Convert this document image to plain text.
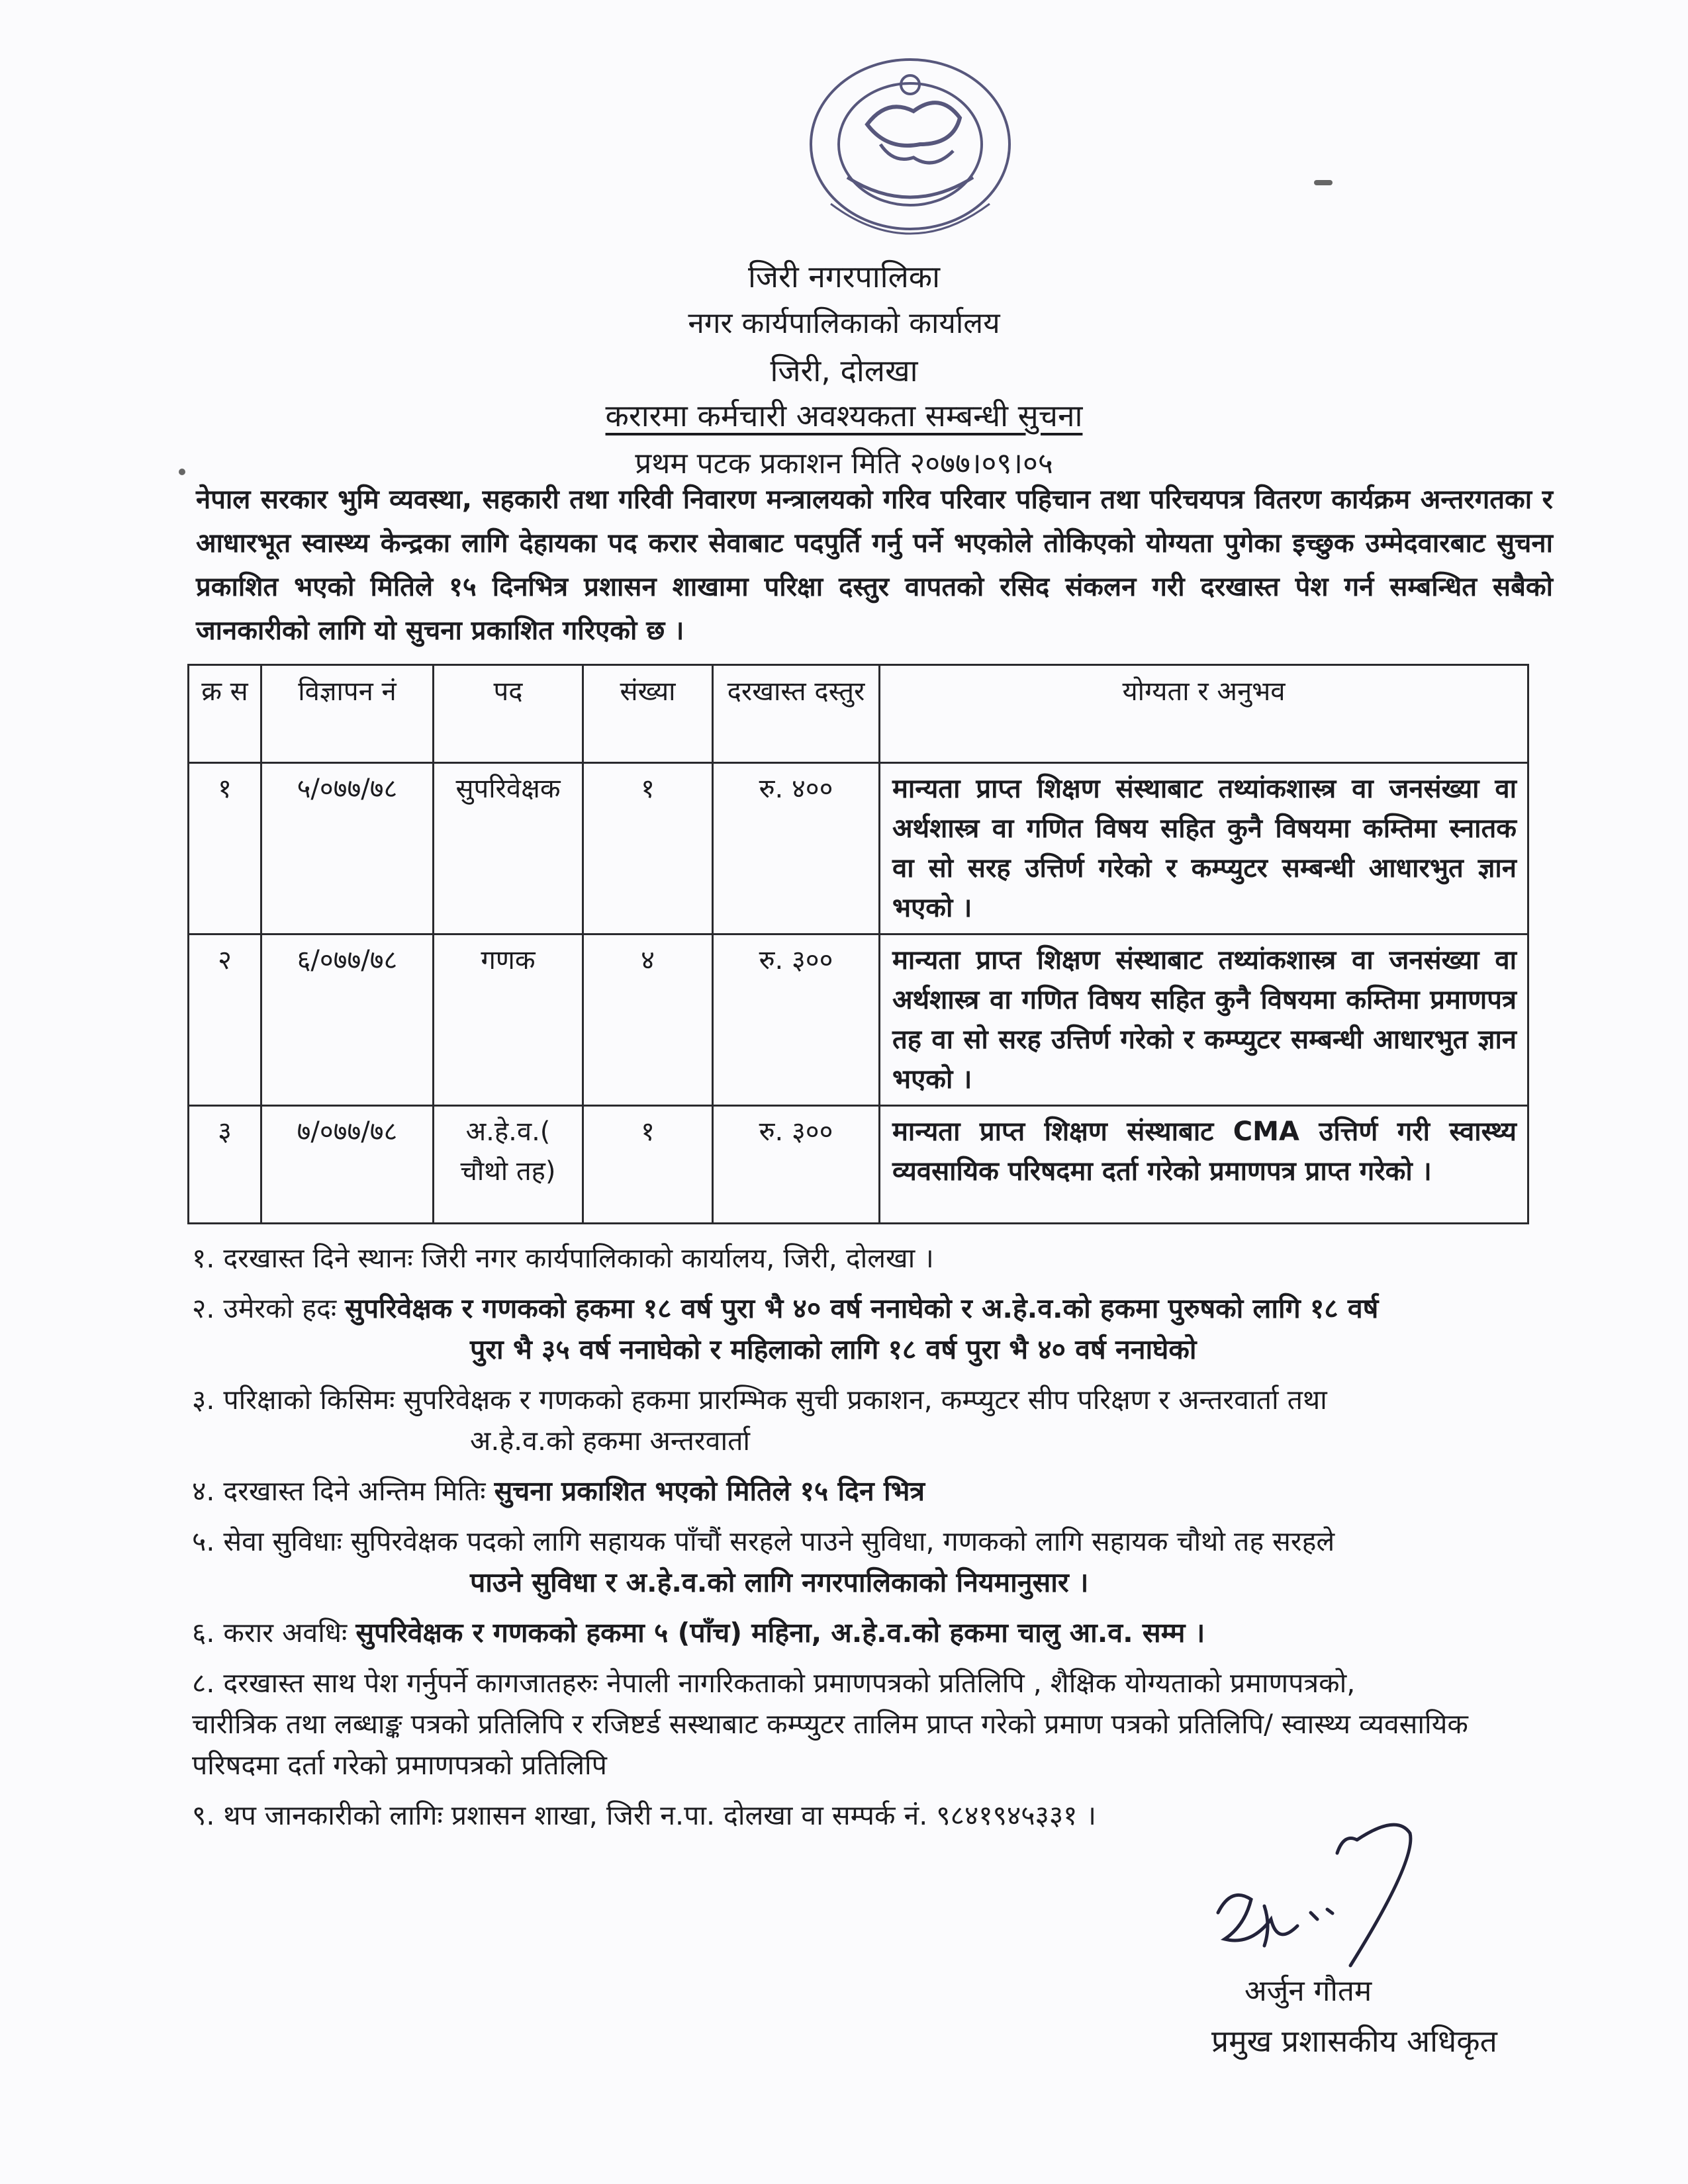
जिरी नगरपालिका
नगर कार्यपालिकाको कार्यालय
जिरी, दोलखा
करारमा कर्मचारी अवश्यकता सम्बन्धी सुचना
प्रथम पटक प्रकाशन मिति २०७७।०९।०५
नेपाल सरकार भुमि व्यवस्था, सहकारी तथा गरिवी निवारण मन्त्रालयको गरिव परिवार पहिचान तथा परिचयपत्र वितरण कार्यक्रम अन्तरगतका र आधारभूत स्वास्थ्य केन्द्रका लागि देहायका पद करार सेवाबाट पदपुर्ति गर्नु पर्ने भएकोले तोकिएको योग्यता पुगेका इच्छुक उम्मेदवारबाट सुचना प्रकाशित भएको मितिले १५ दिनभित्र प्रशासन शाखामा परिक्षा दस्तुर वापतको रसिद संकलन गरी दरखास्त पेश गर्न सम्बन्धित सबैको जानकारीको लागि यो सुचना प्रकाशित गरिएको छ ।
क्र स	विज्ञापन नं	पद	संख्या	दरखास्त दस्तुर	योग्यता र अनुभव
१	५/०७७/७८	सुपरिवेक्षक	१	रु. ४००	मान्यता प्राप्त शिक्षण संस्थाबाट तथ्यांकशास्त्र वा जनसंख्या वा अर्थशास्त्र वा गणित विषय सहित कुनै विषयमा कम्तिमा स्नातक वा सो सरह उत्तिर्ण गरेको र कम्प्युटर सम्बन्धी आधारभुत ज्ञान भएको ।
२	६/०७७/७८	गणक	४	रु. ३००	मान्यता प्राप्त शिक्षण संस्थाबाट तथ्यांकशास्त्र वा जनसंख्या वा अर्थशास्त्र वा गणित विषय सहित कुनै विषयमा कम्तिमा प्रमाणपत्र तह वा सो सरह उत्तिर्ण गरेको र कम्प्युटर सम्बन्धी आधारभुत ज्ञान भएको ।
३	७/०७७/७८	अ.हे.व.( चौथो तह)	१	रु. ३००	मान्यता प्राप्त शिक्षण संस्थाबाट CMA उत्तिर्ण गरी स्वास्थ्य व्यवसायिक परिषदमा दर्ता गरेको प्रमाणपत्र प्राप्त गरेको ।
१. दरखास्त दिने स्थानः जिरी नगर कार्यपालिकाको कार्यालय, जिरी, दोलखा ।
२. उमेरको हदः सुपरिवेक्षक र गणकको हकमा १८ वर्ष पुरा भै ४० वर्ष ननाघेको र अ.हे.व.को हकमा पुरुषको लागि १८ वर्ष
पुरा भै ३५ वर्ष ननाघेको र महिलाको लागि १८ वर्ष पुरा भै ४० वर्ष ननाघेको
३. परिक्षाको किसिमः सुपरिवेक्षक र गणकको हकमा प्रारम्भिक सुची प्रकाशन, कम्प्युटर सीप परिक्षण र अन्तरवार्ता तथा
अ.हे.व.को हकमा अन्तरवार्ता
४. दरखास्त दिने अन्तिम मितिः सुचना प्रकाशित भएको मितिले १५ दिन भित्र
५. सेवा सुविधाः सुपिरवेक्षक पदको लागि सहायक पाँचौं सरहले पाउने सुविधा, गणकको लागि सहायक चौथो तह सरहले
पाउने सुविधा र अ.हे.व.को लागि नगरपालिकाको नियमानुसार ।
६. करार अवधिः सुपरिवेक्षक र गणकको हकमा ५ (पाँच) महिना, अ.हे.व.को हकमा चालु आ.व. सम्म ।
८. दरखास्त साथ पेश गर्नुपर्ने कागजातहरुः नेपाली नागरिकताको प्रमाणपत्रको प्रतिलिपि , शैक्षिक योग्यताको प्रमाणपत्रको,
चारीत्रिक तथा लब्धाङ्क पत्रको प्रतिलिपि र रजिष्टर्ड सस्थाबाट कम्प्युटर तालिम प्राप्त गरेको प्रमाण पत्रको प्रतिलिपि/ स्वास्थ्य व्यवसायिक परिषदमा दर्ता गरेको प्रमाणपत्रको प्रतिलिपि
९. थप जानकारीको लागिः प्रशासन शाखा, जिरी न.पा. दोलखा वा सम्पर्क नं. ९८४१९४५३३१ ।
अर्जुन गौतम
प्रमुख प्रशासकीय अधिकृत
